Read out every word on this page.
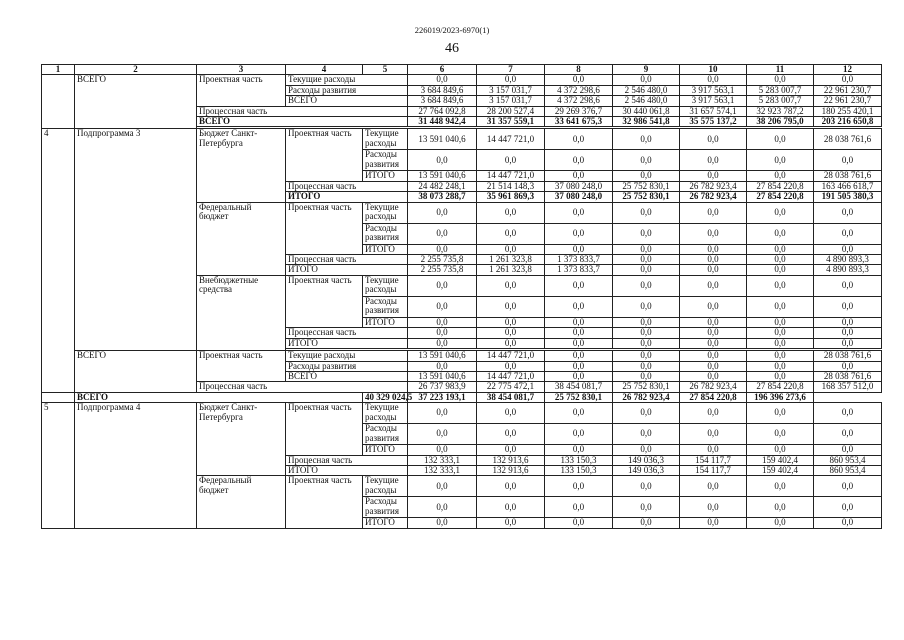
226019/2023-6970(1)
46
1	2	3	4	5	6	7	8	9	10	11	12
	ВСЕГО	Проектная часть	Текущие расходы		0,0	0,0	0,0	0,0	0,0	0,0	0,0
			Расходы развития		3 684 849,6	3 157 031,7	4 372 298,6	2 546 480,0	3 917 563,1	5 283 007,7	22 961 230,7
			ВСЕГО		3 684 849,6	3 157 031,7	4 372 298,6	2 546 480,0	3 917 563,1	5 283 007,7	22 961 230,7
		Процессная часть			27 764 092,8	28 200 527,4	29 269 376,7	30 440 061,8	31 657 574,1	32 923 787,2	180 255 420,1
		ВСЕГО			31 448 942,4	31 357 559,1	33 641 675,3	32 986 541,8	35 575 137,2	38 206 795,0	203 216 650,8

4	Подпрограмма 3	Бюджет Санкт-Петербурга	Проектная часть	Текущие расходы	13 591 040,6	14 447 721,0	0,0	0,0	0,0	0,0	28 038 761,6
				Расходы развития	0,0	0,0	0,0	0,0	0,0	0,0	0,0
				ИТОГО	13 591 040,6	14 447 721,0	0,0	0,0	0,0	0,0	28 038 761,6
			Процессная часть		24 482 248,1	21 514 148,3	37 080 248,0	25 752 830,1	26 782 923,4	27 854 220,8	163 466 618,7
			ИТОГО		38 073 288,7	35 961 869,3	37 080 248,0	25 752 830,1	26 782 923,4	27 854 220,8	191 505 380,3
		Федеральный бюджет	Проектная часть	Текущие расходы	0,0	0,0	0,0	0,0	0,0	0,0	0,0
				Расходы развития	0,0	0,0	0,0	0,0	0,0	0,0	0,0
				ИТОГО	0,0	0,0	0,0	0,0	0,0	0,0	0,0
			Процессная часть		2 255 735,8	1 261 323,8	1 373 833,7	0,0	0,0	0,0	4 890 893,3
			ИТОГО		2 255 735,8	1 261 323,8	1 373 833,7	0,0	0,0	0,0	4 890 893,3
		Внебюджетные средства	Проектная часть	Текущие расходы	0,0	0,0	0,0	0,0	0,0	0,0	0,0
				Расходы развития	0,0	0,0	0,0	0,0	0,0	0,0	0,0
				ИТОГО	0,0	0,0	0,0	0,0	0,0	0,0	0,0
			Процессная часть		0,0	0,0	0,0	0,0	0,0	0,0	0,0
			ИТОГО		0,0	0,0	0,0	0,0	0,0	0,0	0,0

	ВСЕГО	Проектная часть	Текущие расходы		13 591 040,6	14 447 721,0	0,0	0,0	0,0	0,0	28 038 761,6
			Расходы развития		0,0	0,0	0,0	0,0	0,0	0,0	0,0
			ВСЕГО		13 591 040,6	14 447 721,0	0,0	0,0	0,0	0,0	28 038 761,6
		Процессная часть			26 737 983,9	22 775 472,1	38 454 081,7	25 752 830,1	26 782 923,4	27 854 220,8	168 357 512,0
	ВСЕГО			40 329 024,5	37 223 193,1	38 454 081,7	25 752 830,1	26 782 923,4	27 854 220,8	196 396 273,6	
5	Подпрограмма 4	Бюджет Санкт-Петербурга	Проектная часть	Текущие расходы	0,0	0,0	0,0	0,0	0,0	0,0	0,0
				Расходы развития	0,0	0,0	0,0	0,0	0,0	0,0	0,0
				ИТОГО	0,0	0,0	0,0	0,0	0,0	0,0	0,0
			Процесная часть		132 333,1	132 913,6	133 150,3	149 036,3	154 117,7	159 402,4	860 953,4
			ИТОГО		132 333,1	132 913,6	133 150,3	149 036,3	154 117,7	159 402,4	860 953,4
		Федеральный бюджет	Проектная часть	Текущие расходы	0,0	0,0	0,0	0,0	0,0	0,0	0,0
				Расходы развития	0,0	0,0	0,0	0,0	0,0	0,0	0,0
				ИТОГО	0,0	0,0	0,0	0,0	0,0	0,0	0,0
